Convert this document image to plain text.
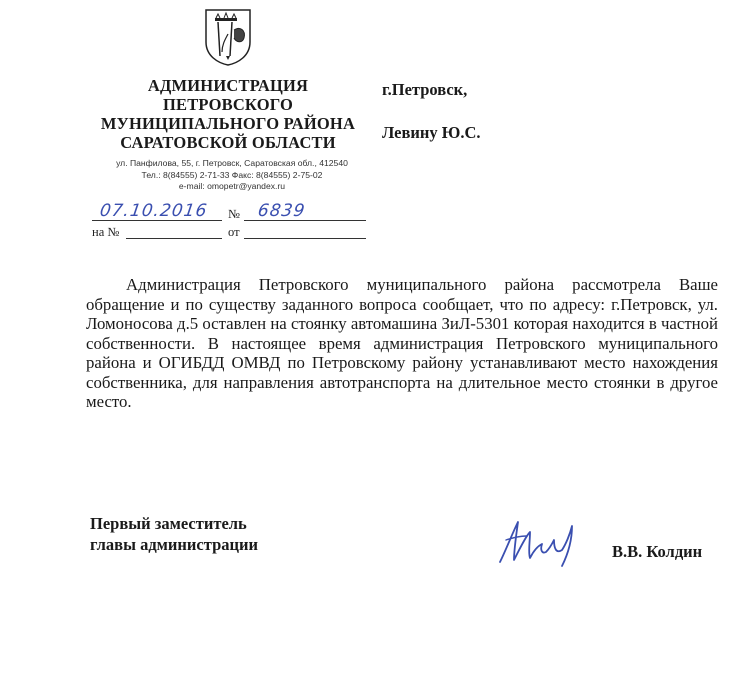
АДМИНИСТРАЦИЯ
ПЕТРОВСКОГО
МУНИЦИПАЛЬНОГО РАЙОНА
САРАТОВСКОЙ ОБЛАСТИ
ул. Панфилова, 55, г. Петровск, Саратовская обл., 412540
Тел.: 8(84555) 2-71-33 Факс: 8(84555) 2-75-02
e-mail: omopetr@yandex.ru
г.Петровск,
Левину Ю.С.
07.10.2016 № 6839
на №	от
Администрация Петровского муниципального района рассмотрела Ваше обращение и по существу заданного вопроса сообщает, что по адресу: г.Петровск, ул. Ломоносова д.5 оставлен на стоянку автомашина ЗиЛ-5301 которая находится в частной собственности. В настоящее время администрация Петровского муниципального района и ОГИБДД ОМВД по Петровскому району устанавливают место нахождения собственника, для направления автотранспорта на длительное место стоянки в другое место.
Первый заместитель
главы администрации	В.В. Колдин
